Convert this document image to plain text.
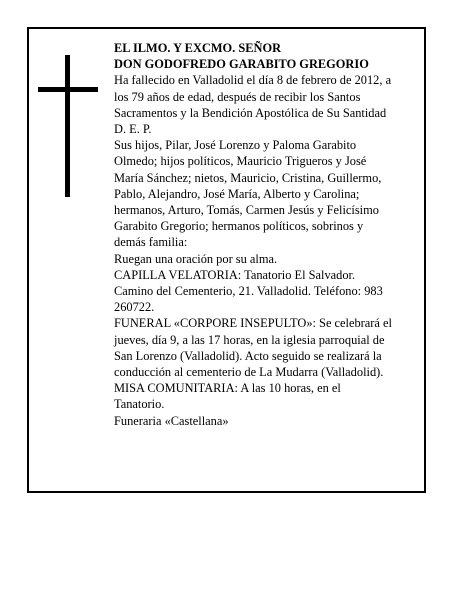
EL ILMO. Y EXCMO. SEÑOR
DON GODOFREDO GARABITO GREGORIO
Ha fallecido en Valladolid el día 8 de febrero de 2012, a
los 79 años de edad, después de recibir los Santos
Sacramentos y la Bendición Apostólica de Su Santidad
D. E. P.
Sus hijos, Pilar, José Lorenzo y Paloma Garabito
Olmedo; hijos políticos, Mauricio Trigueros y José
María Sánchez; nietos, Mauricio, Cristina, Guillermo,
Pablo, Alejandro, José María, Alberto y Carolina;
hermanos, Arturo, Tomás, Carmen Jesús y Felicísimo
Garabito Gregorio; hermanos políticos, sobrinos y
demás familia:
Ruegan una oración por su alma.
CAPILLA VELATORIA: Tanatorio El Salvador.
Camino del Cementerio, 21. Valladolid. Teléfono: 983
260722.
FUNERAL «CORPORE INSEPULTO»: Se celebrará el
jueves, día 9, a las 17 horas, en la iglesia parroquial de
San Lorenzo (Valladolid). Acto seguido se realizará la
conducción al cementerio de La Mudarra (Valladolid).
MISA COMUNITARIA: A las 10 horas, en el
Tanatorio.
Funeraria «Castellana»
